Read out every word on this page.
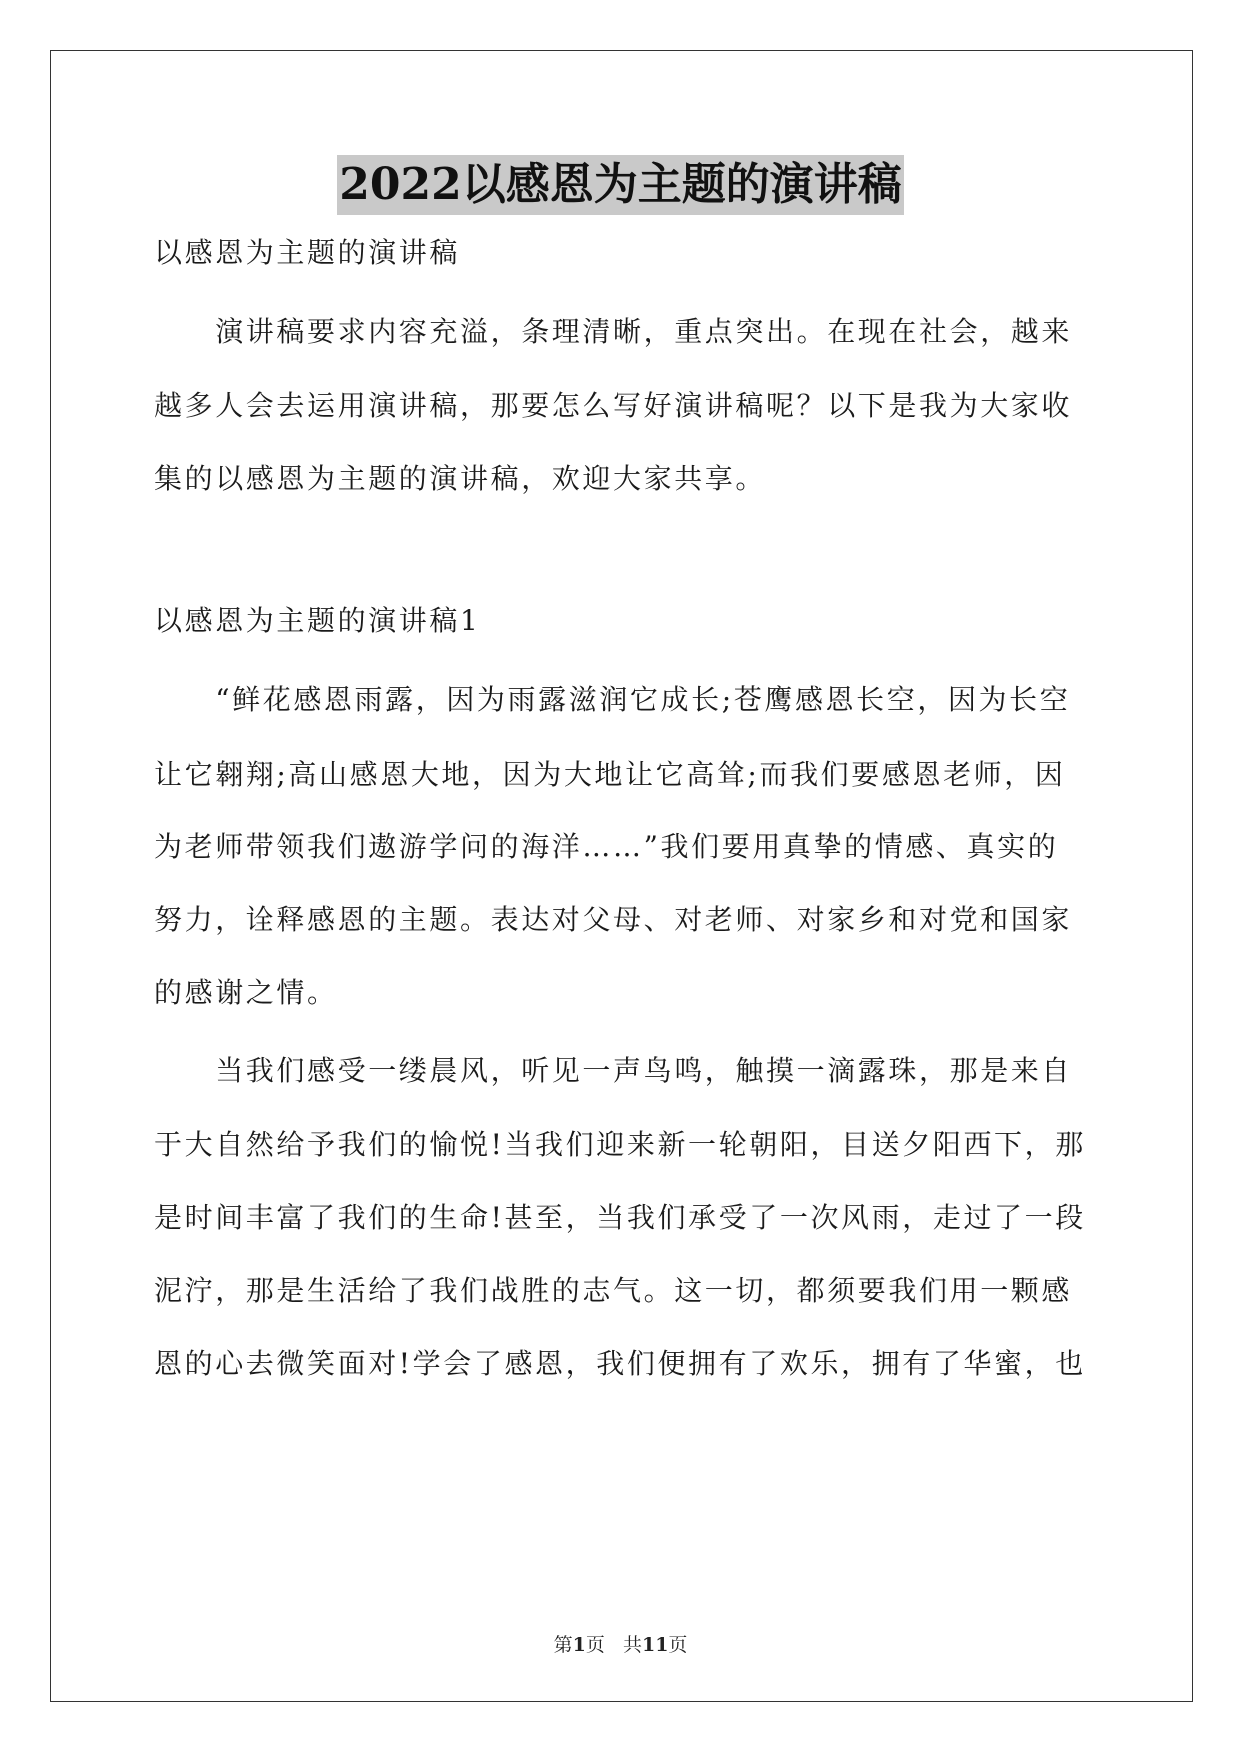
2022以感恩为主题的演讲稿
以感恩为主题的演讲稿
　　演讲稿要求内容充溢，条理清晰，重点突出。在现在社会，越来
越多人会去运用演讲稿，那要怎么写好演讲稿呢？以下是我为大家收
集的以感恩为主题的演讲稿，欢迎大家共享。
以感恩为主题的演讲稿1
　　“鲜花感恩雨露，因为雨露滋润它成长;苍鹰感恩长空，因为长空
让它翱翔;高山感恩大地，因为大地让它高耸;而我们要感恩老师，因
为老师带领我们遨游学问的海洋……”我们要用真挚的情感、真实的
努力，诠释感恩的主题。表达对父母、对老师、对家乡和对党和国家
的感谢之情。
　　当我们感受一缕晨风，听见一声鸟鸣，触摸一滴露珠，那是来自
于大自然给予我们的愉悦!当我们迎来新一轮朝阳，目送夕阳西下，那
是时间丰富了我们的生命!甚至，当我们承受了一次风雨，走过了一段
泥泞，那是生活给了我们战胜的志气。这一切，都须要我们用一颗感
恩的心去微笑面对!学会了感恩，我们便拥有了欢乐，拥有了华蜜，也
第1页 共11页
